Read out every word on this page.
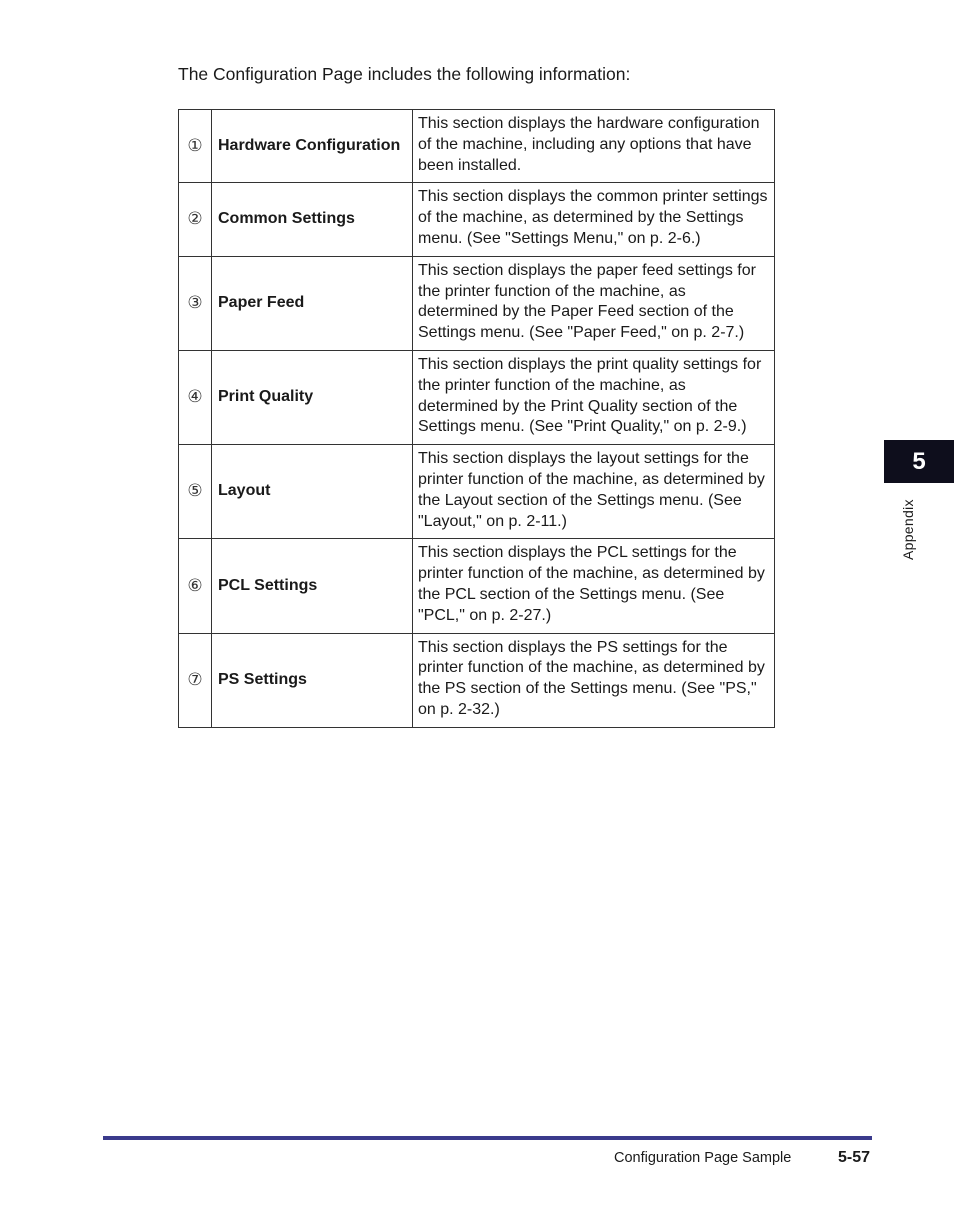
The Configuration Page includes the following information:

①	Hardware Configuration	This section displays the hardware configuration of the machine, including any options that have been installed.
②	Common Settings	This section displays the common printer settings of the machine, as determined by the Settings menu. (See "Settings Menu," on p. 2-6.)
③	Paper Feed	This section displays the paper feed settings for the printer function of the machine, as determined by the Paper Feed section of the Settings menu. (See "Paper Feed," on p. 2-7.)
④	Print Quality	This section displays the print quality settings for the printer function of the machine, as determined by the Print Quality section of the Settings menu. (See "Print Quality," on p. 2-9.)
⑤	Layout	This section displays the layout settings for the printer function of the machine, as determined by the Layout section of the Settings menu. (See "Layout," on p. 2-11.)
⑥	PCL Settings	This section displays the PCL settings for the printer function of the machine, as determined by the PCL section of the Settings menu. (See "PCL," on p. 2-27.)
⑦	PS Settings	This section displays the PS settings for the printer function of the machine, as determined by the PS section of the Settings menu. (See "PS," on p. 2-32.)
5
Appendix
Configuration Page Sample	5-57
